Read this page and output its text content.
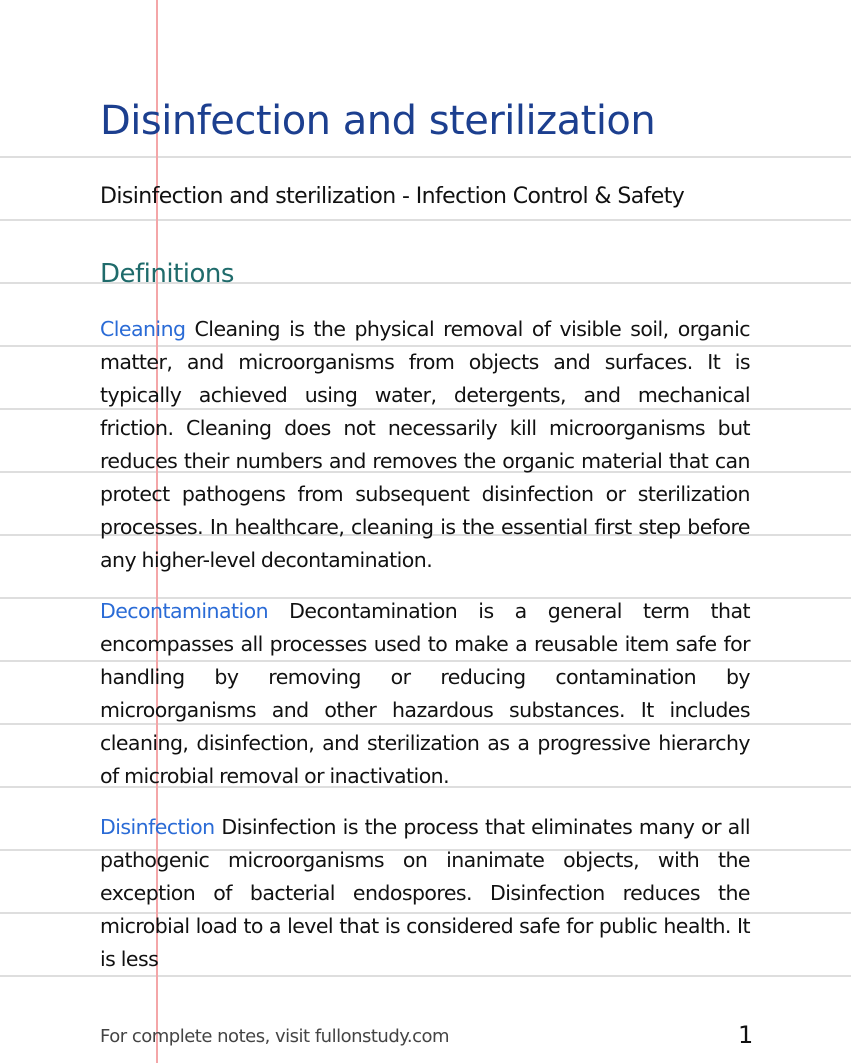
Disinfection and sterilization
Disinfection and sterilization - Infection Control & Safety
Definitions
Cleaning Cleaning is the physical removal of visible soil, organic matter, and microorganisms from objects and surfaces. It is typically achieved using water, detergents, and mechanical friction. Cleaning does not necessarily kill microorganisms but reduces their numbers and removes the organic material that can protect pathogens from subsequent disinfection or sterilization processes. In healthcare, cleaning is the essential first step before any higher-level decontamination.
Decontamination Decontamination is a general term that encompasses all processes used to make a reusable item safe for handling by removing or reducing contamination by microorganisms and other hazardous substances. It includes cleaning, disinfection, and sterilization as a progressive hierarchy of microbial removal or inactivation.
Disinfection Disinfection is the process that eliminates many or all pathogenic microorganisms on inanimate objects, with the exception of bacterial endospores. Disinfection reduces the microbial load to a level that is considered safe for public health. It is less
For complete notes, visit fullonstudy.com	1
